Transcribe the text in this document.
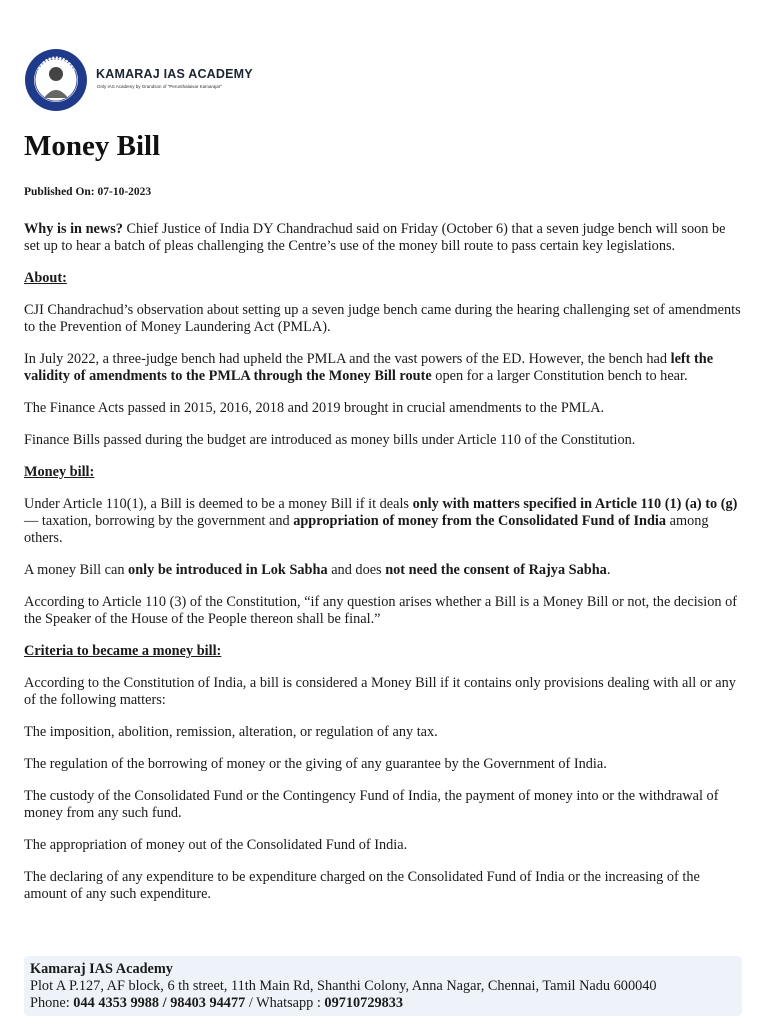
KAMARAJ IAS ACADEMY
Only IAS Academy by Grandson of "Perunthalaivar Kamarajar"
Money Bill
Published On: 07-10-2023

Why is in news? Chief Justice of India DY Chandrachud said on Friday (October 6) that a seven judge bench will soon be set up to hear a batch of pleas challenging the Centre’s use of the money bill route to pass certain key legislations.

About:

CJI Chandrachud’s observation about setting up a seven judge bench came during the hearing challenging set of amendments to the Prevention of Money Laundering Act (PMLA).

In July 2022, a three-judge bench had upheld the PMLA and the vast powers of the ED. However, the bench had left the validity of amendments to the PMLA through the Money Bill route open for a larger Constitution bench to hear.

The Finance Acts passed in 2015, 2016, 2018 and 2019 brought in crucial amendments to the PMLA.

Finance Bills passed during the budget are introduced as money bills under Article 110 of the Constitution.

Money bill:

Under Article 110(1), a Bill is deemed to be a money Bill if it deals only with matters specified in Article 110 (1) (a) to (g) — taxation, borrowing by the government and appropriation of money from the Consolidated Fund of India among others.

A money Bill can only be introduced in Lok Sabha and does not need the consent of Rajya Sabha.

According to Article 110 (3) of the Constitution, “if any question arises whether a Bill is a Money Bill or not, the decision of the Speaker of the House of the People thereon shall be final.”

Criteria to became a money bill:

According to the Constitution of India, a bill is considered a Money Bill if it contains only provisions dealing with all or any of the following matters:

The imposition, abolition, remission, alteration, or regulation of any tax.

The regulation of the borrowing of money or the giving of any guarantee by the Government of India.

The custody of the Consolidated Fund or the Contingency Fund of India, the payment of money into or the withdrawal of money from any such fund.

The appropriation of money out of the Consolidated Fund of India.

The declaring of any expenditure to be expenditure charged on the Consolidated Fund of India or the increasing of the amount of any such expenditure.

Kamaraj IAS Academy
Plot A P.127, AF block, 6 th street, 11th Main Rd, Shanthi Colony, Anna Nagar, Chennai, Tamil Nadu 600040
Phone: 044 4353 9988 / 98403 94477 / Whatsapp : 09710729833
